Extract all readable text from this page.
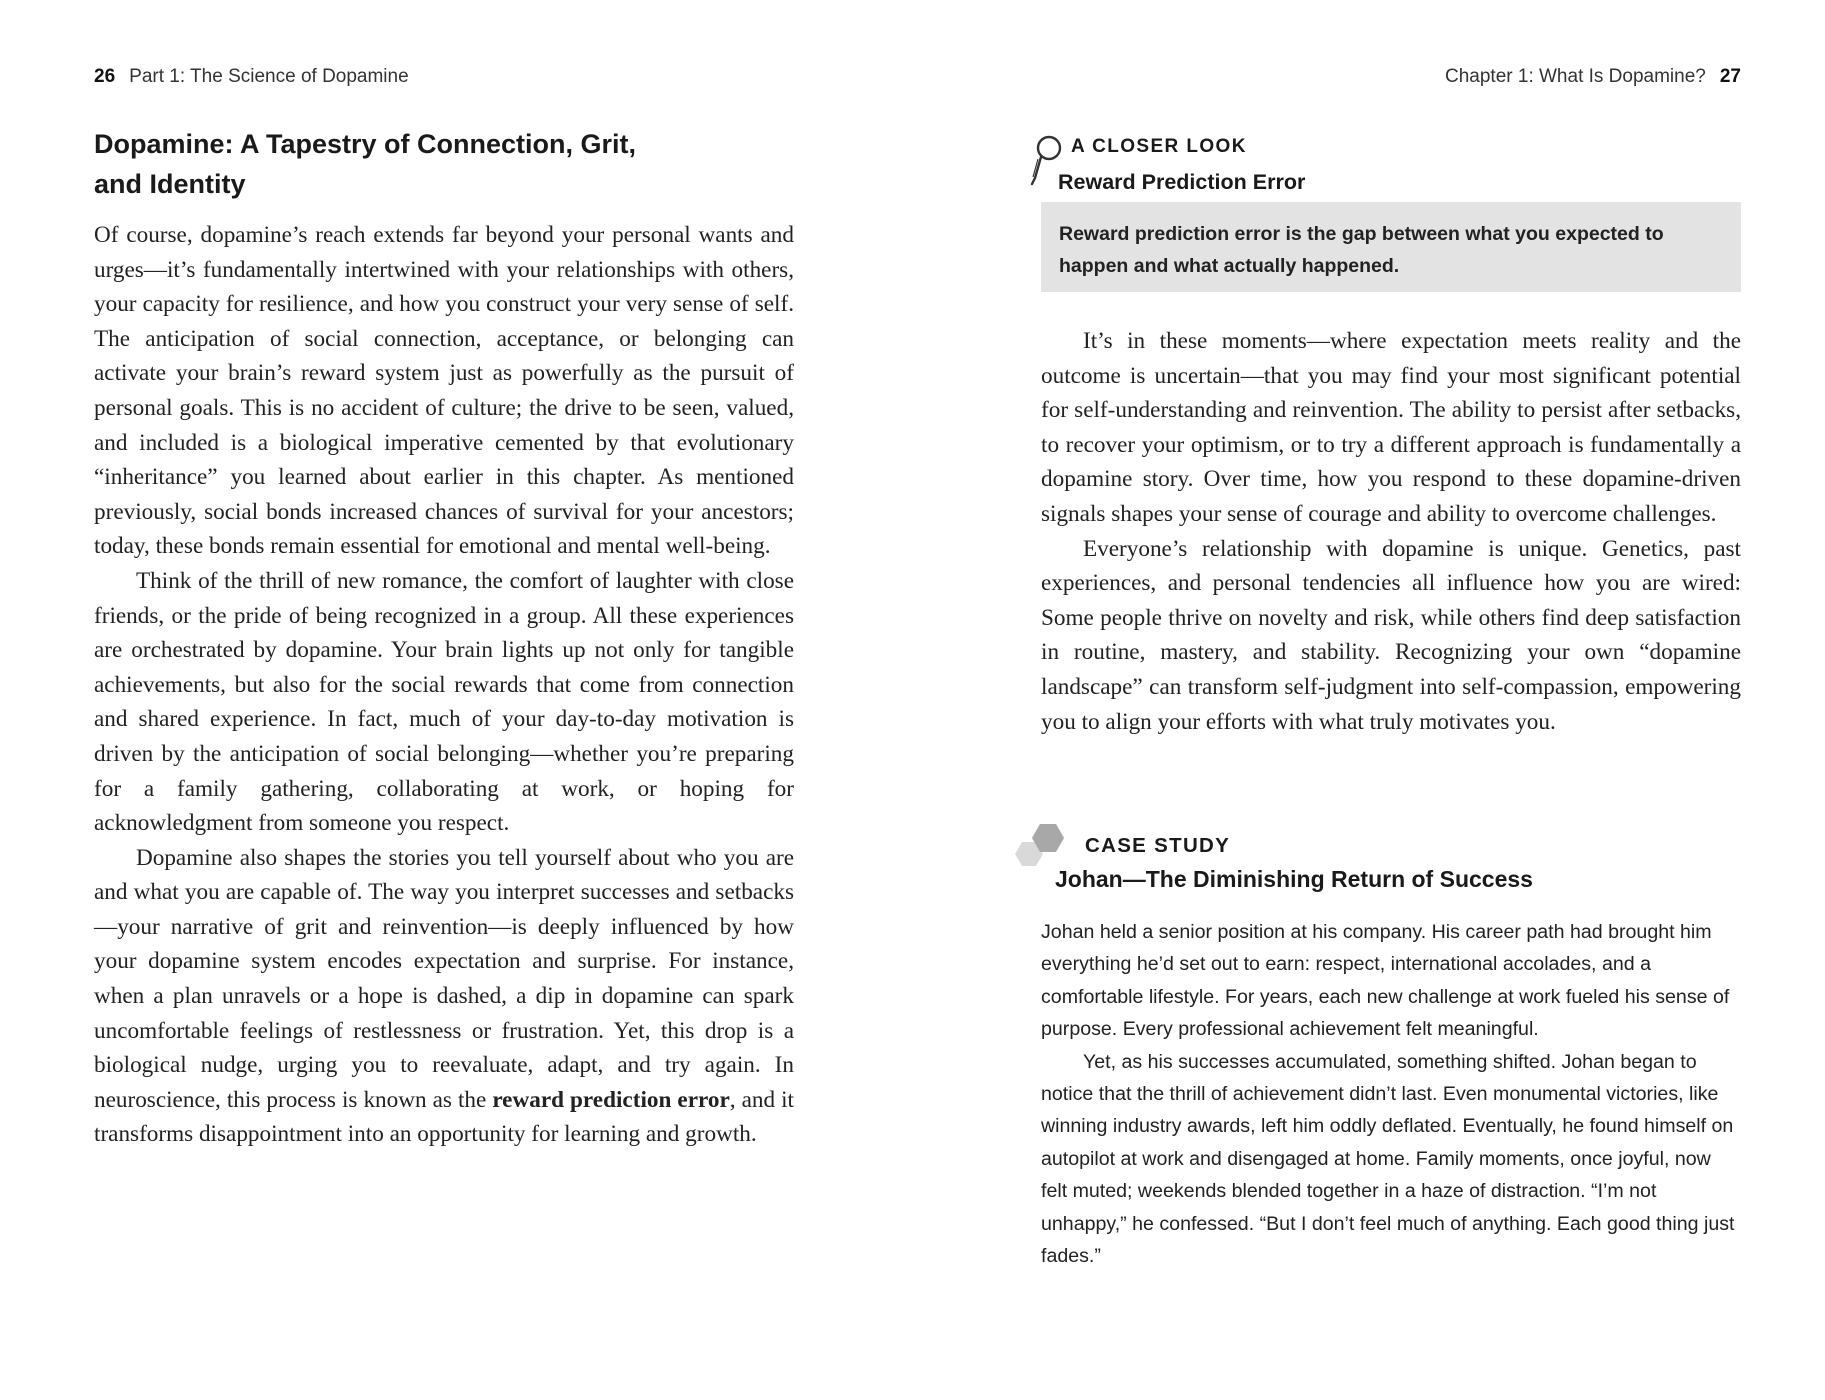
26 Part 1: The Science of Dopamine
Dopamine: A Tapestry of Connection, Grit,
and Identity

Of course, dopamine’s reach extends far beyond your personal wants and urges—it’s fundamentally intertwined with your relationships with others, your capacity for resilience, and how you construct your very sense of self. The anticipation of social connection, acceptance, or belonging can activate your brain’s reward system just as powerfully as the pursuit of personal goals. This is no accident of culture; the drive to be seen, valued, and included is a biological imperative cemented by that evolutionary “inheritance” you learned about earlier in this chapter. As mentioned previously, social bonds increased chances of survival for your ancestors; today, these bonds remain essential for emotional and mental well-being.

Think of the thrill of new romance, the comfort of laughter with close friends, or the pride of being recognized in a group. All these experiences are orchestrated by dopamine. Your brain lights up not only for tangible achievements, but also for the social rewards that come from connection and shared experience. In fact, much of your day-to-day motivation is driven by the anticipation of social belonging—whether you’re preparing for a family gathering, collaborating at work, or hoping for acknowledgment from someone you respect.

Dopamine also shapes the stories you tell yourself about who you are and what you are capable of. The way you interpret successes and setbacks—your narrative of grit and reinvention—is deeply influenced by how your dopamine system encodes expectation and surprise. For instance, when a plan unravels or a hope is dashed, a dip in dopamine can spark uncomfortable feelings of restlessness or frustration. Yet, this drop is a biological nudge, urging you to reevaluate, adapt, and try again. In neuroscience, this process is known as the reward prediction error, and it transforms disappointment into an opportunity for learning and growth.

Chapter 1: What Is Dopamine? 27
A CLOSER LOOK
Reward Prediction Error
Reward prediction error is the gap between what you expected to happen and what actually happened.

It’s in these moments—where expectation meets reality and the outcome is uncertain—that you may find your most significant potential for self-understanding and reinvention. The ability to persist after setbacks, to recover your optimism, or to try a different approach is fundamentally a dopamine story. Over time, how you respond to these dopamine-driven signals shapes your sense of courage and ability to overcome challenges.

Everyone’s relationship with dopamine is unique. Genetics, past experiences, and personal tendencies all influence how you are wired: Some people thrive on novelty and risk, while others find deep satisfaction in routine, mastery, and stability. Recognizing your own “dopamine landscape” can transform self-judgment into self-compassion, empowering you to align your efforts with what truly motivates you.

CASE STUDY
Johan—The Diminishing Return of Success

Johan held a senior position at his company. His career path had brought him everything he’d set out to earn: respect, international accolades, and a comfortable lifestyle. For years, each new challenge at work fueled his sense of purpose. Every professional achievement felt meaningful.

Yet, as his successes accumulated, something shifted. Johan began to notice that the thrill of achievement didn’t last. Even monumental victories, like winning industry awards, left him oddly deflated. Eventually, he found himself on autopilot at work and disengaged at home. Family moments, once joyful, now felt muted; weekends blended together in a haze of distraction. “I’m not unhappy,” he confessed. “But I don’t feel much of anything. Each good thing just fades.”
